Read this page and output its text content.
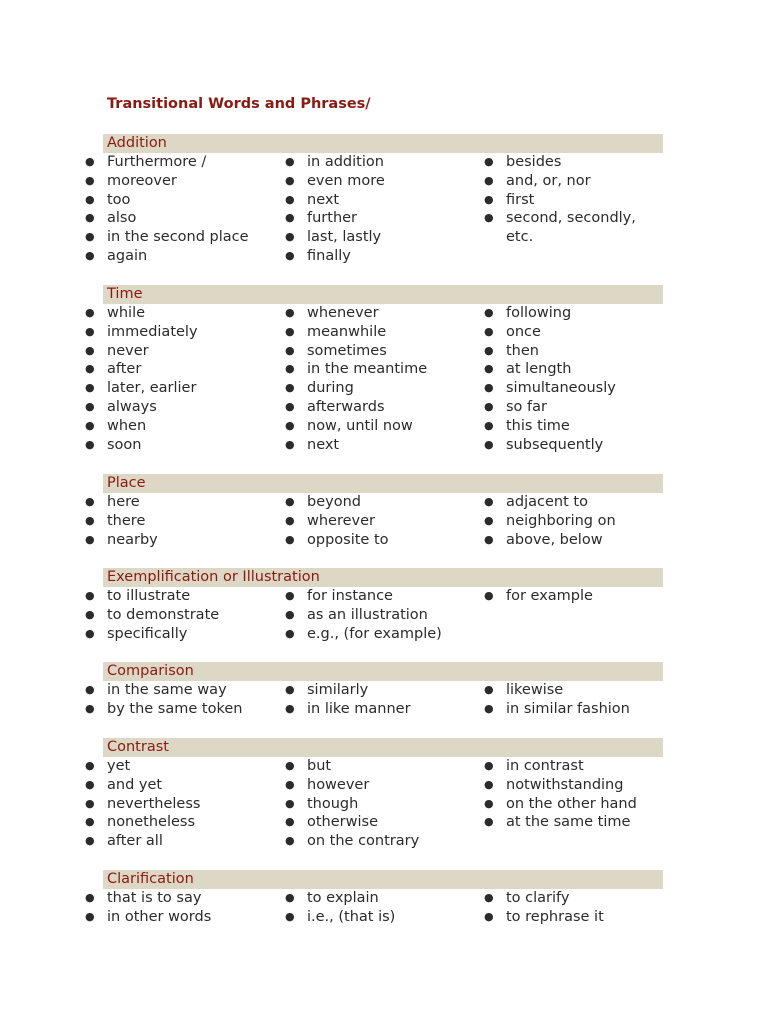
Transitional Words and Phrases/
Addition
● Furthermore /
● moreover
● too
● also
● in the second place
● again
● in addition
● even more
● next
● further
● last, lastly
● finally
● besides
● and, or, nor
● first
● second, secondly,
etc.
Time
● while
● immediately
● never
● after
● later, earlier
● always
● when
● soon
● whenever
● meanwhile
● sometimes
● in the meantime
● during
● afterwards
● now, until now
● next
● following
● once
● then
● at length
● simultaneously
● so far
● this time
● subsequently
Place
● here
● there
● nearby
● beyond
● wherever
● opposite to
● adjacent to
● neighboring on
● above, below
Exemplification or Illustration
● to illustrate
● to demonstrate
● specifically
● for instance
● as an illustration
● e.g., (for example)
● for example
Comparison
● in the same way
● by the same token
● similarly
● in like manner
● likewise
● in similar fashion
Contrast
● yet
● and yet
● nevertheless
● nonetheless
● after all
● but
● however
● though
● otherwise
● on the contrary
● in contrast
● notwithstanding
● on the other hand
● at the same time
Clarification
● that is to say
● in other words
● to explain
● i.e., (that is)
● to clarify
● to rephrase it
